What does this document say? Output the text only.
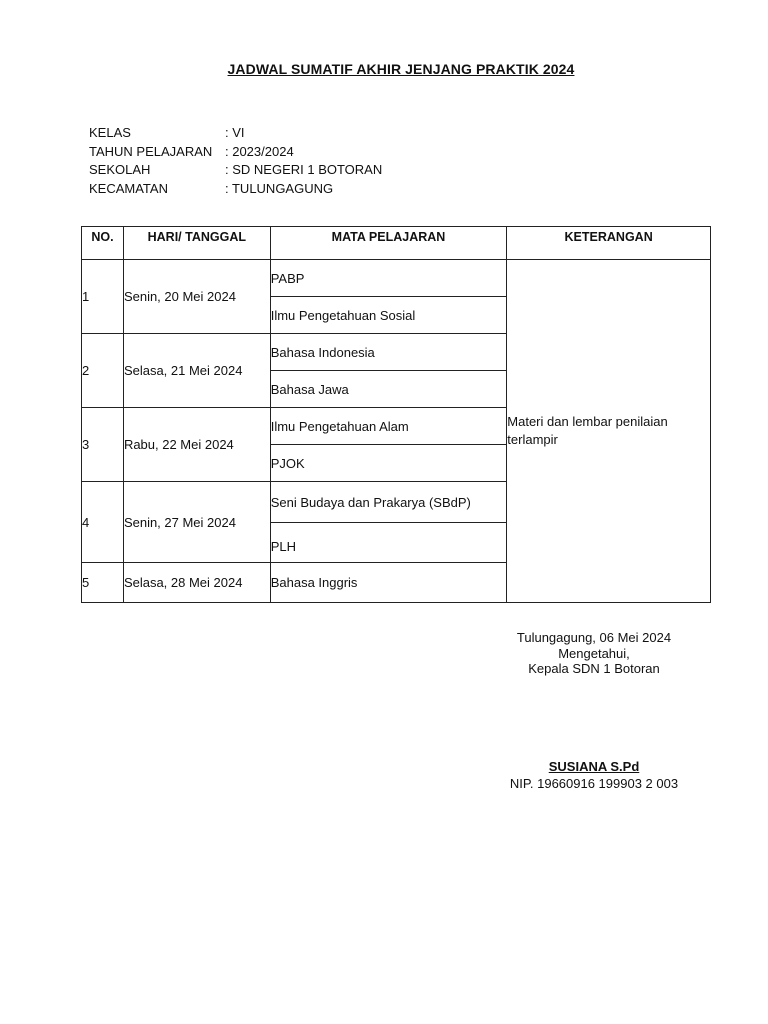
JADWAL SUMATIF AKHIR JENJANG PRAKTIK 2024
KELAS	: VI
TAHUN PELAJARAN : 2023/2024
SEKOLAH	: SD NEGERI 1 BOTORAN
KECAMATAN	: TULUNGAGUNG
NO.	HARI/ TANGGAL	MATA PELAJARAN	KETERANGAN
1	Senin, 20 Mei 2024	PABP	Materi dan lembar penilaian
terlampir

		Ilmu Pengetahuan Sosial	
2	Selasa, 21 Mei 2024	Bahasa Indonesia	
		Bahasa Jawa	
3	Rabu, 22 Mei 2024	Ilmu Pengetahuan Alam	
		PJOK	
4	Senin, 27 Mei 2024	Seni Budaya dan Prakarya (SBdP)	
		PLH	
5	Selasa, 28 Mei 2024	Bahasa Inggris	
Tulungagung, 06 Mei 2024
Mengetahui,
Kepala SDN 1 Botoran
SUSIANA S.Pd
NIP. 19660916 199903 2 003
